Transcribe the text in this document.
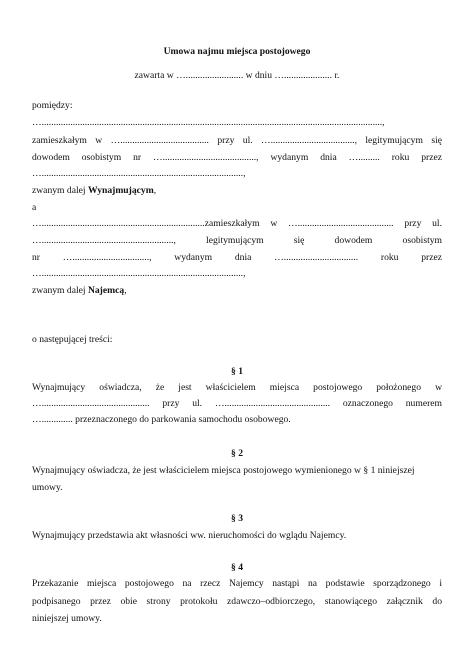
Umowa najmu miejsca postojowego
zawarta w …........................ w dniu ….................... r.
pomiędzy:
…..............................................................................................................................................,
zamieszkałym w …..................................... przy ul. …..................................., legitymującym się
dowodem osobistym nr …......................................., wydanym dnia …......... roku przez
…....................................................................................,
zwanym dalej Wynajmującym,
a
…....................................................................zamieszkałym w …........................................ przy ul.
…......................................................., legitymującym się dowodem osobistym
nr …................................, wydanym dnia …............................... roku przez
…....................................................................................,
zwanym dalej Najemcą,
o następującej treści:
§ 1
Wynajmujący oświadcza, że jest właścicielem miejsca postojowego położonego w
…............................................. przy ul. …............................................ oznaczonego numerem
…............. przeznaczonego do parkowania samochodu osobowego.
§ 2
Wynajmujący oświadcza, że jest właścicielem miejsca postojowego wymienionego w § 1 niniejszej
umowy.
§ 3
Wynajmujący przedstawia akt własności ww. nieruchomości do wglądu Najemcy.
§ 4
Przekazanie miejsca postojowego na rzecz Najemcy nastąpi na podstawie sporządzonego i
podpisanego przez obie strony protokołu zdawczo–odbiorczego, stanowiącego załącznik do
niniejszej umowy.
